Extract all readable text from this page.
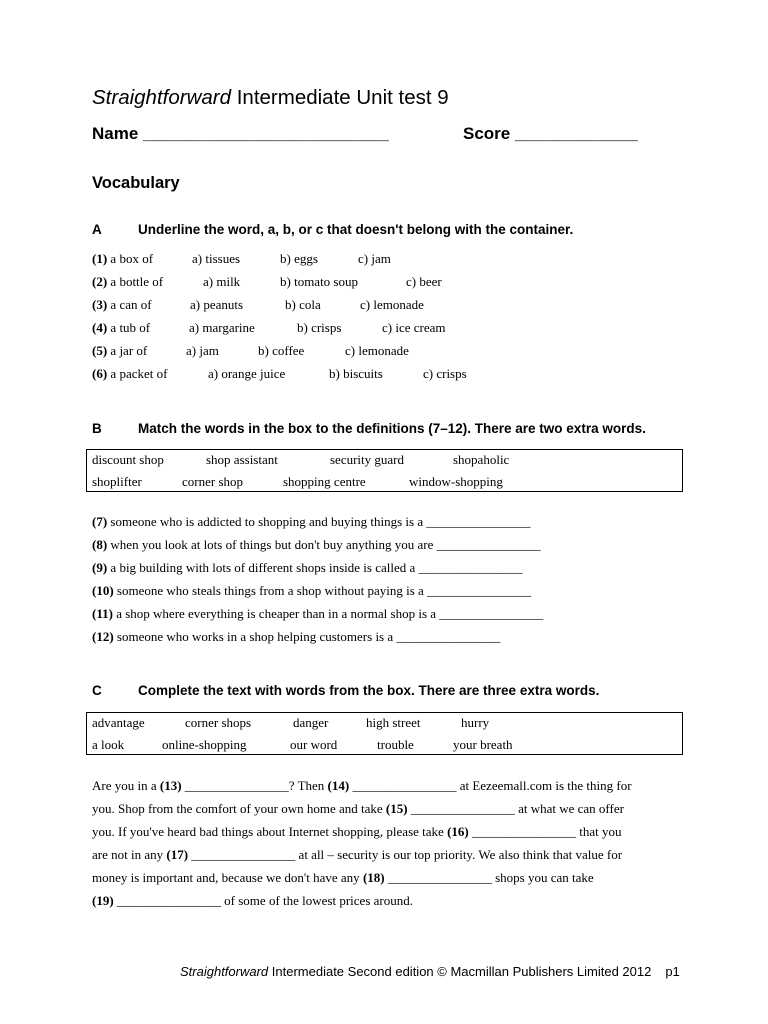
Straightforward Intermediate Unit test 9
Name __________________________	Score _____________
Vocabulary
A	Underline the word, a, b, or c that doesn't belong with the container.
(1) a box of	a) tissues	b) eggs	c) jam
(2) a bottle of	a) milk	b) tomato soup	c) beer
(3) a can of	a) peanuts	b) cola	c) lemonade
(4) a tub of	a) margarine	b) crisps	c) ice cream
(5) a jar of	a) jam	b) coffee	c) lemonade
(6) a packet of	a) orange juice	b) biscuits	c) crisps
B	Match the words in the box to the definitions (7–12). There are two extra words.
discount shop	shop assistant	security guard	shopaholic
shoplifter	corner shop	shopping centre	window-shopping
(7) someone who is addicted to shopping and buying things is a ________________
(8) when you look at lots of things but don't buy anything you are ________________
(9) a big building with lots of different shops inside is called a ________________
(10) someone who steals things from a shop without paying is a ________________
(11) a shop where everything is cheaper than in a normal shop is a ________________
(12) someone who works in a shop helping customers is a ________________
C	Complete the text with words from the box. There are three extra words.
advantage	corner shops	danger	high street	hurry
a look	online-shopping	our word	trouble	your breath
Are you in a (13) ________________? Then (14) ________________ at Eezeemall.com is the thing for
you. Shop from the comfort of your own home and take (15) ________________ at what we can offer
you. If you've heard bad things about Internet shopping, please take (16) ________________ that you
are not in any (17) ________________ at all – security is our top priority. We also think that value for
money is important and, because we don't have any (18) ________________ shops you can take
(19) ________________ of some of the lowest prices around.
Straightforward Intermediate Second edition © Macmillan Publishers Limited 2012 p1
